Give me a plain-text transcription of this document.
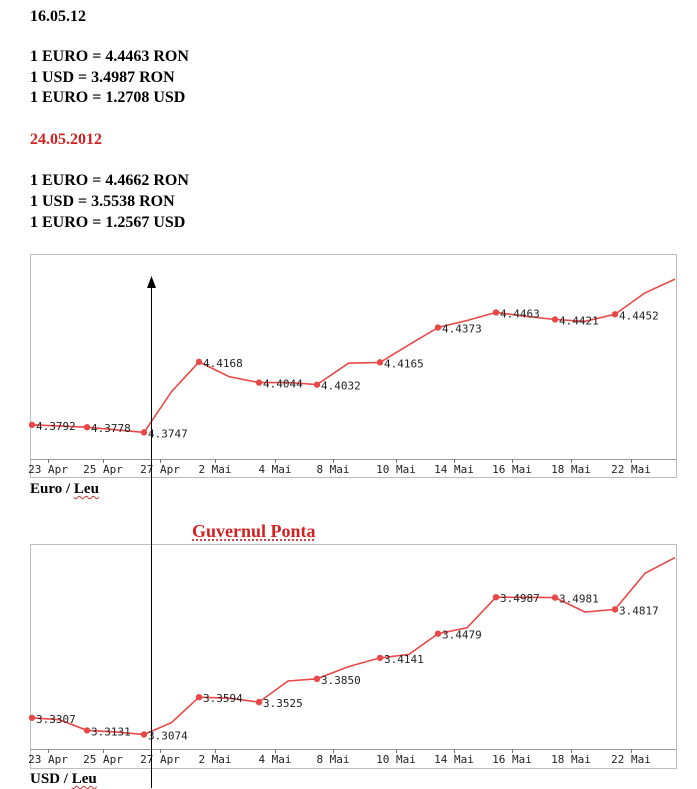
16.05.12
1 EURO = 4.4463 RON
1 USD = 3.4987 RON
1 EURO = 1.2708 USD
24.05.2012
1 EURO = 4.4662 RON
1 USD = 3.5538 RON
1 EURO = 1.2567 USD
Euro / Leu
USD / Leu
Guvernul Ponta
23 Apr 25 Apr 27 Apr 2 Mai 4 Mai 8 Mai 10 Mai 14 Mai 16 Mai 18 Mai 22 Mai
4.3792 4.3778 4.3747
4.4168
4.4044 4.4032
4.4165
4.4373
4.4463
4.4421 4.4452
23 Apr 25 Apr 27 Apr 2 Mai 4 Mai 8 Mai 10 Mai 14 Mai 16 Mai 18 Mai 22 Mai
3.3307
3.3131 3.3074
3.3594 3.3525
3.3850
3.4141
3.4479
3.4987 3.4981
3.4817
